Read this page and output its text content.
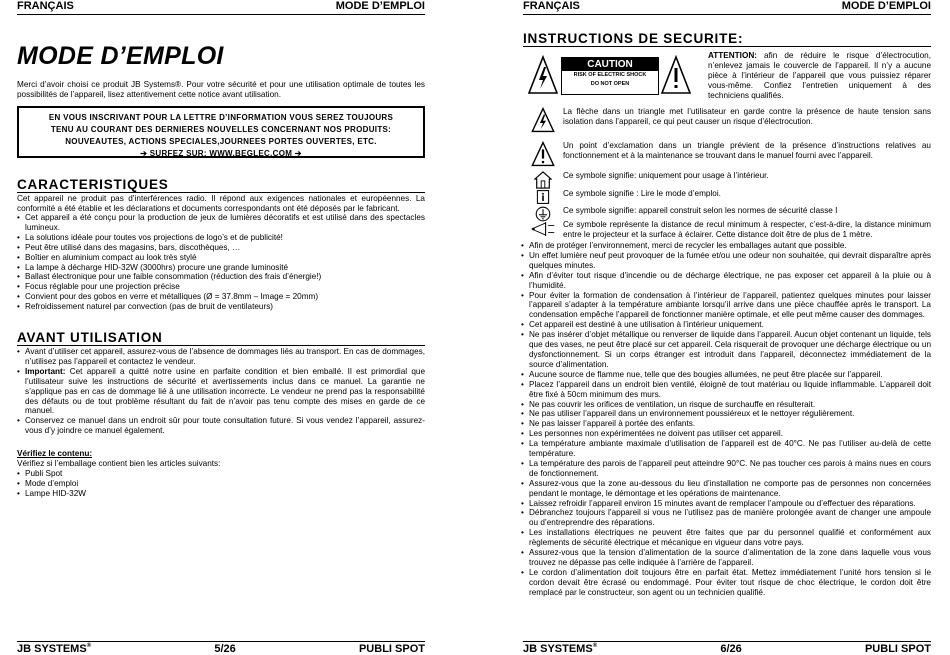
FRANÇAIS	MODE D’EMPLOI
MODE D’EMPLOI
Merci d’avoir choisi ce produit JB Systems®. Pour votre sécurité et pour une utilisation optimale de toutes les possibilités de l’appareil, lisez attentivement cette notice avant utilisation.
EN VOUS INSCRIVANT POUR LA LETTRE D’INFORMATION VOUS SEREZ TOUJOURS
TENU AU COURANT DES DERNIERES NOUVELLES CONCERNANT NOS PRODUITS:
NOUVEAUTES, ACTIONS SPECIALES,JOURNEES PORTES OUVERTES, ETC.
➔ SURFEZ SUR: WWW.BEGLEC.COM ➔
CARACTERISTIQUES
Cet appareil ne produit pas d’interférences radio. Il répond aux exigences nationales et européennes. La conformité a été établie et les déclarations et documents correspondants ont été déposés par le fabricant.
• Cet appareil a été conçu pour la production de jeux de lumières décoratifs et est utilisé dans des spectacles lumineux.
• La solutions idéale pour toutes vos projections de logo’s et de publicité!
• Peut être utilisé dans des magasins, bars, discothèques, …
• Boîtier en aluminium compact au look très stylé
• La lampe à décharge HID-32W (3000hrs) procure une grande luminosité
• Ballast électronique pour une faible consommation (réduction des frais d’énergie!)
• Focus réglable pour une projection précise
• Convient pour des gobos en verre et métalliques (Ø = 37.8mm – Image = 20mm)
• Refroidissement naturel par convection (pas de bruit de ventilateurs)
AVANT UTILISATION
• Avant d’utiliser cet appareil, assurez-vous de l’absence de dommages liés au transport. En cas de dommages, n’utilisez pas l’appareil et contactez le vendeur.
• Important: Cet appareil a quitté notre usine en parfaite condition et bien emballé. Il est primordial que l’utilisateur suive les instructions de sécurité et avertissements inclus dans ce manuel. La garantie ne s’applique pas en cas de dommage lié à une utilisation incorrecte. Le vendeur ne prend pas la responsabilité des défauts ou de tout problème résultant du fait de n’avoir pas tenu compte des mises en garde de ce manuel.
• Conservez ce manuel dans un endroit sûr pour toute consultation future. Si vous vendez l’appareil, assurez-vous d’y joindre ce manuel également.
Vérifiez le contenu:
Vérifiez si l’emballage contient bien les articles suivants:
• Publi Spot
• Mode d’emploi
• Lampe HID-32W
JB SYSTEMS®	5/26	PUBLI SPOT
FRANÇAIS	MODE D’EMPLOI
INSTRUCTIONS DE SECURITE:
CAUTION
RISK OF ELECTRIC SHOCK
DO NOT OPEN
ATTENTION: afin de réduire le risque d’électrocution, n’enlevez jamais le couvercle de l’appareil. Il n’y a aucune pièce à l’intérieur de l’appareil que vous puissiez réparer vous-même. Confiez l’entretien uniquement à des techniciens qualifiés.
La flèche dans un triangle met l’utilisateur en garde contre la présence de haute tension sans isolation dans l’appareil, ce qui peut causer un risque d’électrocution.
Un point d’exclamation dans un triangle prévient de la présence d’instructions relatives au fonctionnement et à la maintenance se trouvant dans le manuel fourni avec l’appareil.
Ce symbole signifie: uniquement pour usage à l’intérieur.
Ce symbole signifie : Lire le mode d’emploi.
Ce symbole signifie: appareil construit selon les normes de sécurité classe I
Ce symbole représente la distance de recul minimum à respecter, c’est-à-dire, la distance minimum entre le projecteur et la surface à éclairer. Cette distance doit être de plus de 1 mètre.
• Afin de protéger l’environnement, merci de recycler les emballages autant que possible.
• Un effet lumière neuf peut provoquer de la fumée et/ou une odeur non souhaitée, qui devrait disparaître après quelques minutes.
• Afin d’éviter tout risque d’incendie ou de décharge électrique, ne pas exposer cet appareil à la pluie ou à l’humidité.
• Pour éviter la formation de condensation à l’intérieur de l’appareil, patientez quelques minutes pour laisser l’appareil s’adapter à la température ambiante lorsqu’il arrive dans une pièce chauffée après le transport. La condensation empêche l’appareil de fonctionner manière optimale, et elle peut même causer des dommages.
• Cet appareil est destiné à une utilisation à l’intérieur uniquement.
• Ne pas insérer d’objet métallique ou renverser de liquide dans l’appareil. Aucun objet contenant un liquide, tels que des vases, ne peut être placé sur cet appareil. Cela risquerait de provoquer une décharge électrique ou un dysfonctionnement. Si un corps étranger est introduit dans l’appareil, déconnectez immédiatement de la source d’alimentation.
• Aucune source de flamme nue, telle que des bougies allumées, ne peut être placée sur l’appareil.
• Placez l’appareil dans un endroit bien ventilé, éloigné de tout matériau ou liquide inflammable. L’appareil doit être fixé à 50cm minimum des murs.
• Ne pas couvrir les orifices de ventilation, un risque de surchauffe en résulterait.
• Ne pas utiliser l’appareil dans un environnement poussiéreux et le nettoyer régulièrement.
• Ne pas laisser l’appareil à portée des enfants.
• Les personnes non expérimentées ne doivent pas utiliser cet appareil.
• La température ambiante maximale d’utilisation de l’appareil est de 40°C. Ne pas l’utiliser au-delà de cette température.
• La température des parois de l’appareil peut atteindre 90°C. Ne pas toucher ces parois à mains nues en cours de fonctionnement.
• Assurez-vous que la zone au-dessous du lieu d’installation ne comporte pas de personnes non concernées pendant le montage, le démontage et les opérations de maintenance.
• Laissez refroidir l’appareil environ 15 minutes avant de remplacer l’ampoule ou d’effectuer des réparations.
• Débranchez toujours l’appareil si vous ne l’utilisez pas de manière prolongée avant de changer une ampoule ou d’entreprendre des réparations.
• Les installations électriques ne peuvent être faites que par du personnel qualifié et conformément aux règlements de sécurité électrique et mécanique en vigueur dans votre pays.
• Assurez-vous que la tension d’alimentation de la source d’alimentation de la zone dans laquelle vous vous trouvez ne dépasse pas celle indiquée à l’arrière de l’appareil.
• Le cordon d’alimentation doit toujours être en parfait état. Mettez immédiatement l’unité hors tension si le cordon devait être écrasé ou endommagé. Pour éviter tout risque de choc électrique, le cordon doit être remplacé par le constructeur, son agent ou un technicien qualifié.
JB SYSTEMS®	6/26	PUBLI SPOT
